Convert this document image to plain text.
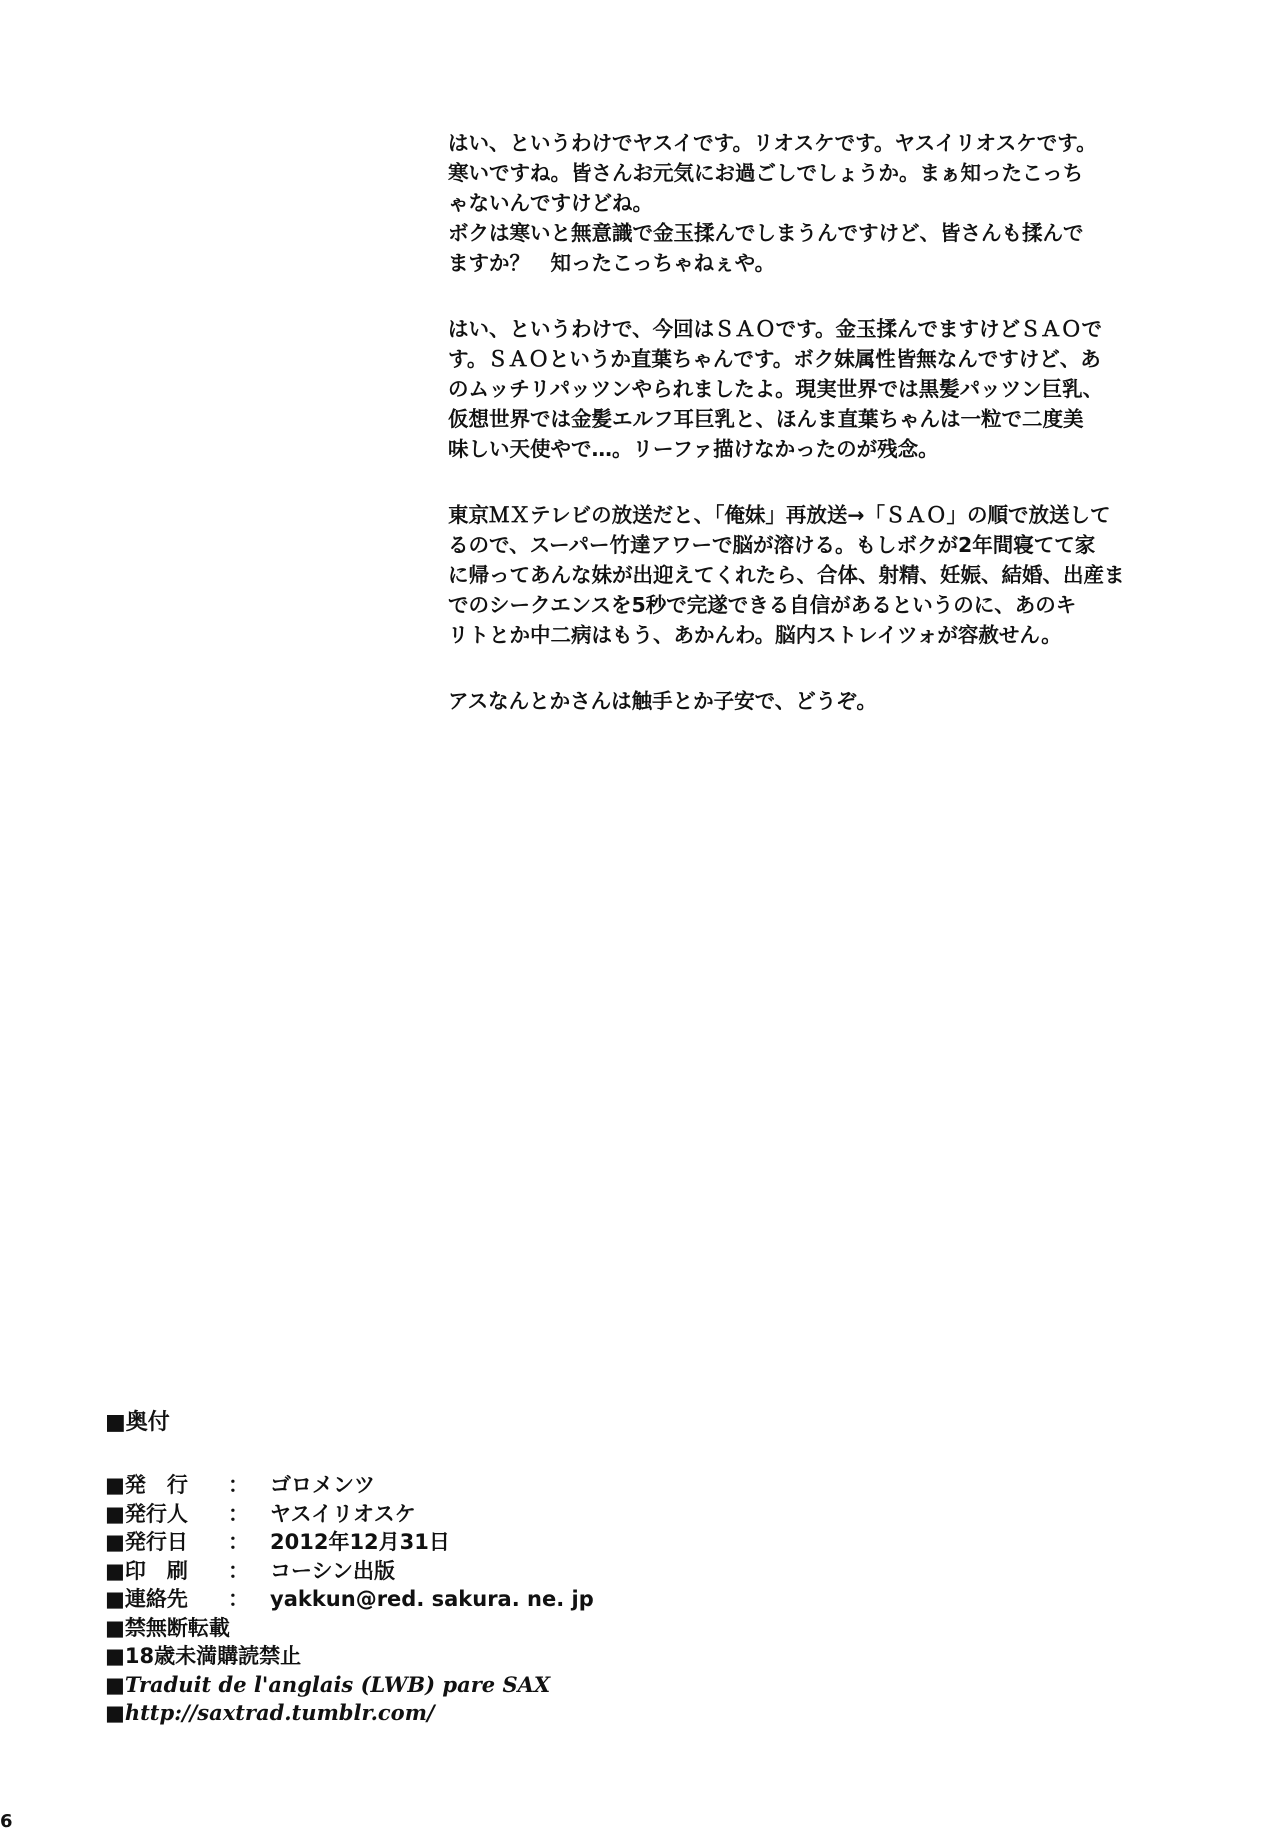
はい、というわけでヤスイです。リオスケです。ヤスイリオスケです。
寒いですね。皆さんお元気にお過ごしでしょうか。まぁ知ったこっち
ゃないんですけどね。
ボクは寒いと無意識で金玉揉んでしまうんですけど、皆さんも揉んで
ますか？　知ったこっちゃねぇや。
はい、というわけで、今回はＳＡＯです。金玉揉んでますけどＳＡＯで
す。ＳＡＯというか直葉ちゃんです。ボク妹属性皆無なんですけど、あ
のムッチリパッツンやられましたよ。現実世界では黒髪パッツン巨乳、
仮想世界では金髪エルフ耳巨乳と、ほんま直葉ちゃんは一粒で二度美
味しい天使やで…。リーファ描けなかったのが残念。
東京ＭＸテレビの放送だと、「俺妹」再放送→「ＳＡＯ」の順で放送して
るので、スーパー竹達アワーで脳が溶ける。もしボクが2年間寝てて家
に帰ってあんな妹が出迎えてくれたら、合体、射精、妊娠、結婚、出産ま
でのシークエンスを5秒で完遂できる自信があるというのに、あのキ
リトとか中二病はもう、あかんわ。脳内ストレイツォが容赦せん。
アスなんとかさんは触手とか子安で、どうぞ。
■奥付
■発　行	：	ゴロメンツ
■発行人	：	ヤスイリオスケ
■発行日	：	2012年12月31日
■印　刷	：	コーシン出版
■連絡先	：	yakkun@red. sakura. ne. jp
■禁無断転載
■18歳未満購読禁止
■Traduit de l'anglais (LWB) pare SAX
■http://saxtrad.tumblr.com/
6
